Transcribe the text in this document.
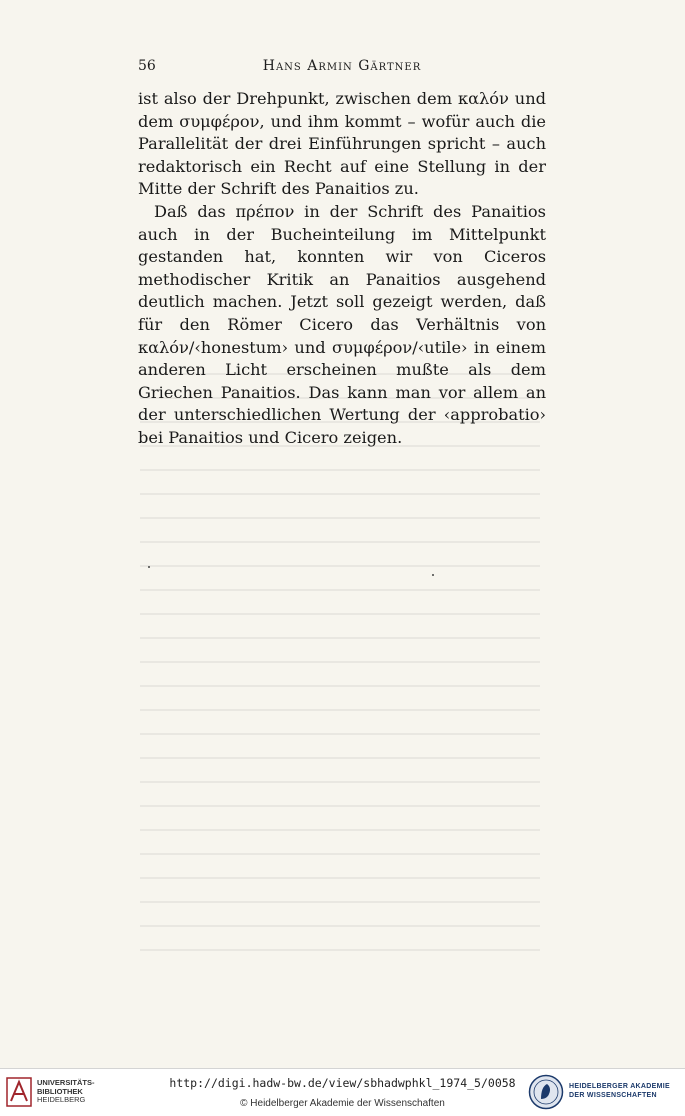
56	Hans Armin Gärtner

ist also der Drehpunkt, zwischen dem καλόν und dem συμφέρον, und ihm kommt – wofür auch die Parallelität der drei Einführungen spricht – auch redaktorisch ein Recht auf eine Stellung in der Mitte der Schrift des Panaitios zu.

Daß das πρέπον in der Schrift des Panaitios auch in der Bucheinteilung im Mittelpunkt gestanden hat, konnten wir von Ciceros methodischer Kritik an Panaitios ausgehend deutlich machen. Jetzt soll gezeigt werden, daß für den Römer Cicero das Verhältnis von καλόν/‹honestum› und συμφέρον/‹utile› in einem anderen Licht erscheinen mußte als dem Griechen Panaitios. Das kann man vor allem an der unterschiedlichen Wertung der ‹approbatio› bei Panaitios und Cicero zeigen.

UNIVERSITÄTS-
BIBLIOTHEK
HEIDELBERG
http://digi.hadw-bw.de/view/sbhadwphkl_1974_5/0058
© Heidelberger Akademie der Wissenschaften
HEIDELBERGER AKADEMIE
DER WISSENSCHAFTEN
